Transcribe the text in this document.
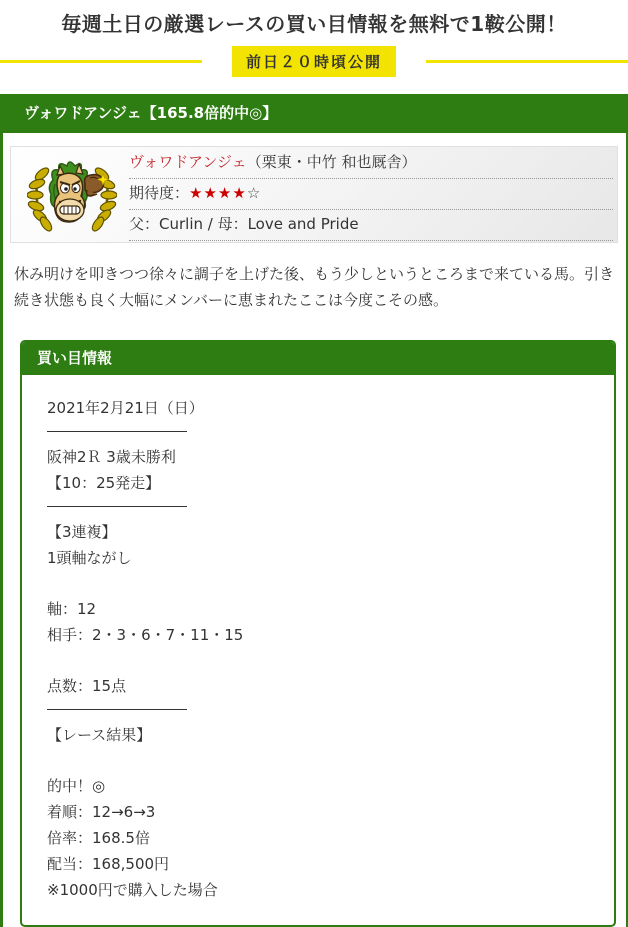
毎週土日の厳選レースの買い目情報を無料で1鞍公開！
前日２０時頃公開
ヴォワドアンジェ【165.8倍的中◎】
ヴォワドアンジェ（栗東・中竹 和也厩舎）
期待度：★★★★☆
父：Curlin / 母：Love and Pride

休み明けを叩きつつ徐々に調子を上げた後、もう少しというところまで来ている馬。引き続き状態も良く大幅にメンバーに恵まれたここは今度こその感。

買い目情報
2021年2月21日（日）
阪神2Ｒ 3歳未勝利
【10：25発走】
【3連複】
1頭軸ながし
軸：12
相手：2・3・6・7・11・15
点数：15点
【レース結果】
的中！◎
着順：12→6→3
倍率：168.5倍
配当：168,500円
※1000円で購入した場合
